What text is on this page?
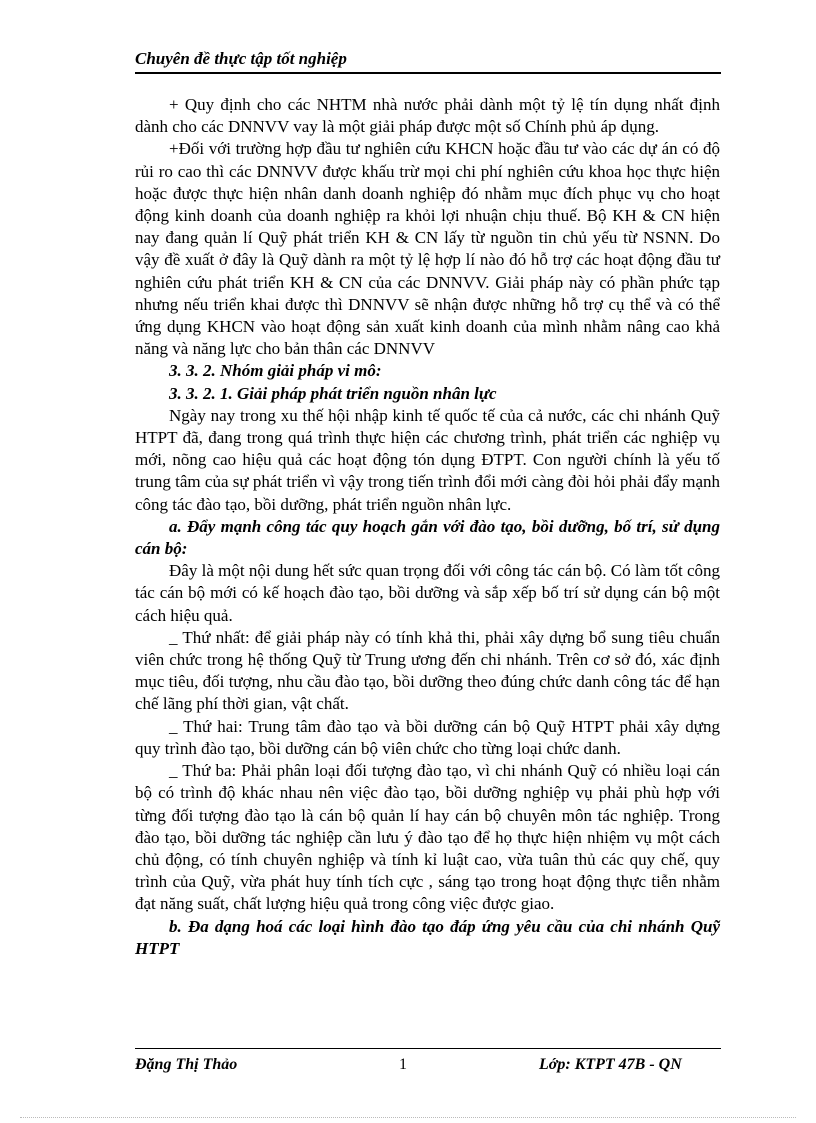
Chuyên đề thực tập tốt nghiệp

+ Quy định cho các NHTM nhà nước phải dành một tỷ lệ tín dụng nhất định dành cho các DNNVV vay là một giải pháp được một số Chính phủ áp dụng.

+Đối với trường hợp đầu tư nghiên cứu KHCN hoặc đầu tư vào các dự án có độ rủi ro cao thì các DNNVV được khấu trừ mọi chi phí nghiên cứu khoa học thực hiện hoặc được thực hiện nhân danh doanh nghiệp đó nhằm mục đích phục vụ cho hoạt động kinh doanh của doanh nghiệp ra khỏi lợi nhuận chịu thuế. Bộ KH & CN hiện nay đang quản lí Quỹ phát triển KH & CN lấy từ nguồn tin chủ yếu từ NSNN. Do vậy đề xuất ở đây là Quỹ dành ra một tỷ lệ hợp lí nào đó hỗ trợ các hoạt động đầu tư nghiên cứu phát triển KH & CN của các DNNVV. Giải pháp này có phần phức tạp nhưng nếu triển khai được thì DNNVV sẽ nhận được những hỗ trợ cụ thể và có thể ứng dụng KHCN vào hoạt động sản xuất kinh doanh của mình nhằm nâng cao khả năng và năng lực cho bản thân các DNNVV

3. 3. 2. Nhóm giải pháp vi mô:

3. 3. 2. 1. Giải pháp phát triển nguồn nhân lực

Ngày nay trong xu thế hội nhập kinh tế quốc tế của cả nước, các chi nhánh Quỹ HTPT đã, đang trong quá trình thực hiện các chương trình, phát triển các nghiệp vụ mới, nõng cao hiệu quả các hoạt động tón dụng ĐTPT. Con người chính là yếu tố trung tâm của sự phát triển vì vậy trong tiến trình đổi mới càng đòi hỏi phải đẩy mạnh công tác đào tạo, bồi dưỡng, phát triển nguồn nhân lực.

a. Đẩy mạnh công tác quy hoạch gắn với đào tạo, bồi dưỡng, bố trí, sử dụng cán bộ:

Đây là một nội dung hết sức quan trọng đối với công tác cán bộ. Có làm tốt công tác cán bộ mới có kế hoạch đào tạo, bồi dưỡng và sắp xếp bố trí sử dụng cán bộ một cách hiệu quả.

_ Thứ nhất: để giải pháp này có tính khả thi, phải xây dựng bổ sung tiêu chuẩn viên chức trong hệ thống Quỹ từ Trung ương đến chi nhánh. Trên cơ sở đó, xác định mục tiêu, đối tượng, nhu cầu đào tạo, bồi dưỡng theo đúng chức danh công tác để hạn chế lãng phí thời gian, vật chất.

_ Thứ hai: Trung tâm đào tạo và bồi dưỡng cán bộ Quỹ HTPT phải xây dựng quy trình đào tạo, bồi dưỡng cán bộ viên chức cho từng loại chức danh.

_ Thứ ba: Phải phân loại đối tượng đào tạo, vì chi nhánh Quỹ có nhiều loại cán bộ có trình độ khác nhau nên việc đào tạo, bồi dưỡng nghiệp vụ phải phù hợp với từng đối tượng đào tạo là cán bộ quản lí hay cán bộ chuyên môn tác nghiệp. Trong đào tạo, bồi dưỡng tác nghiệp cần lưu ý đào tạo để họ thực hiện nhiệm vụ một cách chủ động, có tính chuyên nghiệp và tính kỉ luật cao, vừa tuân thủ các quy chế, quy trình của Quỹ, vừa phát huy tính tích cực , sáng tạo trong hoạt động thực tiễn nhằm đạt năng suất, chất lượng hiệu quả trong công việc được giao.

b. Đa dạng hoá các loại hình đào tạo đáp ứng yêu cầu của chi nhánh Quỹ HTPT

Đặng Thị Thảo	1	Lớp: KTPT 47B - QN
